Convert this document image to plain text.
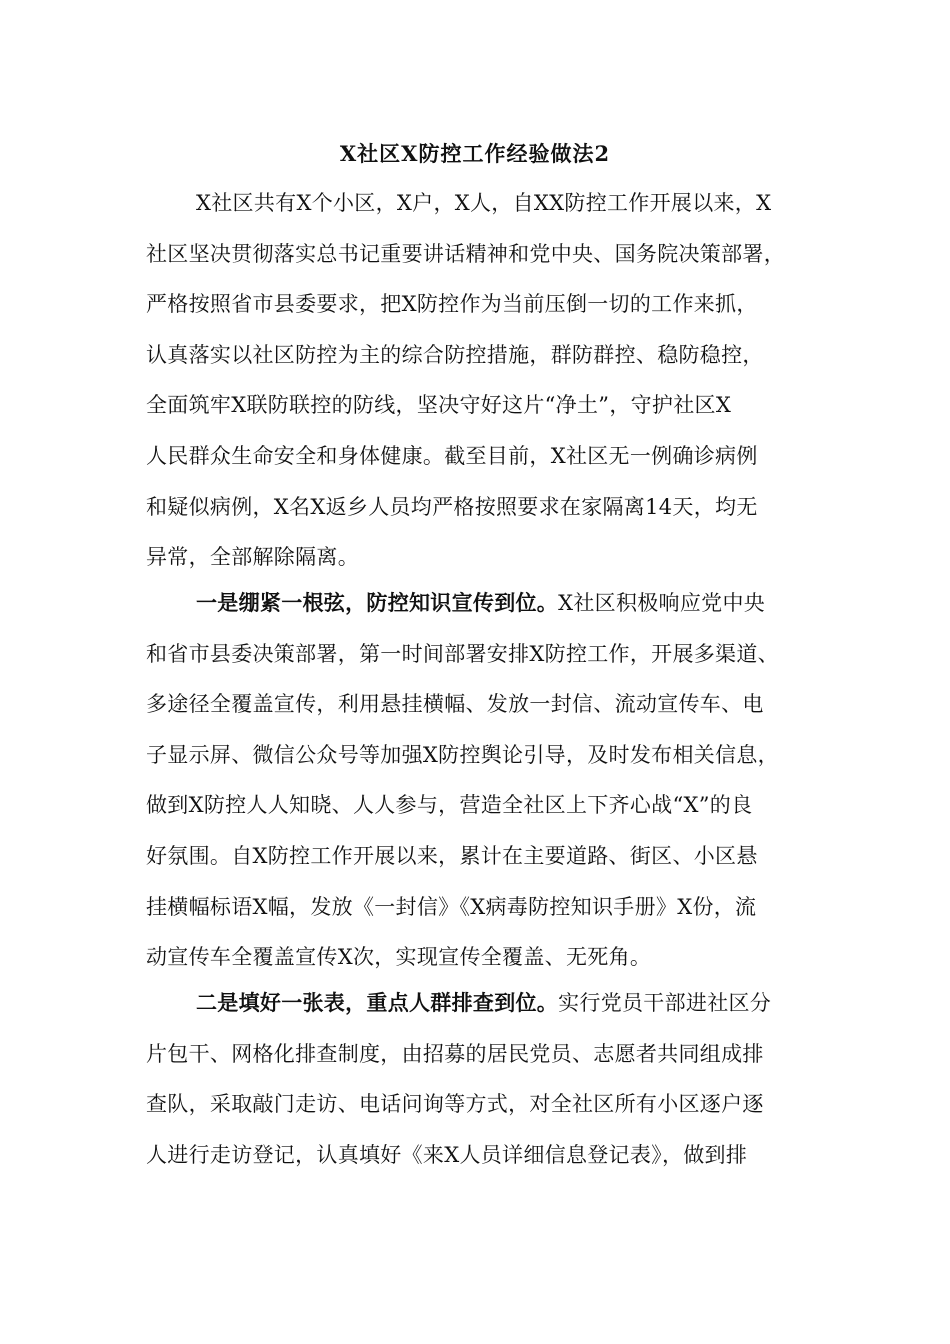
X社区X防控工作经验做法2
X社区共有X个小区，X户，X人，自XX防控工作开展以来，X
社区坚决贯彻落实总书记重要讲话精神和党中央、国务院决策部署，
严格按照省市县委要求，把X防控作为当前压倒一切的工作来抓，
认真落实以社区防控为主的综合防控措施，群防群控、稳防稳控，
全面筑牢X联防联控的防线，坚决守好这片“净土”，守护社区X
人民群众生命安全和身体健康。截至目前，X社区无一例确诊病例
和疑似病例，X名X返乡人员均严格按照要求在家隔离14天，均无
异常，全部解除隔离。
一是绷紧一根弦，防控知识宣传到位。X社区积极响应党中央
和省市县委决策部署，第一时间部署安排X防控工作，开展多渠道、
多途径全覆盖宣传，利用悬挂横幅、发放一封信、流动宣传车、电
子显示屏、微信公众号等加强X防控舆论引导，及时发布相关信息，
做到X防控人人知晓、人人参与，营造全社区上下齐心战“X”的良
好氛围。自X防控工作开展以来，累计在主要道路、街区、小区悬
挂横幅标语X幅，发放《一封信》《X病毒防控知识手册》X份，流
动宣传车全覆盖宣传X次，实现宣传全覆盖、无死角。
二是填好一张表，重点人群排查到位。实行党员干部进社区分
片包干、网格化排查制度，由招募的居民党员、志愿者共同组成排
查队，采取敲门走访、电话问询等方式，对全社区所有小区逐户逐
人进行走访登记，认真填好《来X人员详细信息登记表》，做到排
